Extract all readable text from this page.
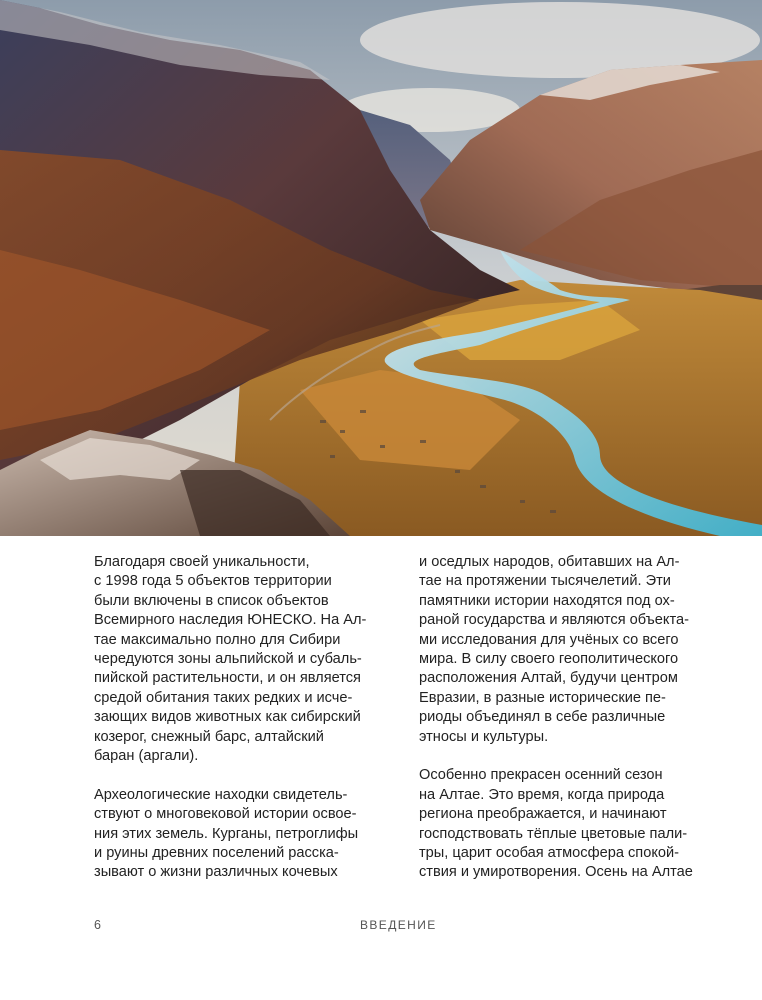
Благодаря своей уникальности,
с 1998 года 5 объектов территории
были включены в список объектов
Всемирного наследия ЮНЕСКО. На Ал-
тае максимально полно для Сибири
чередуются зоны альпийской и субаль-
пийской растительности, и он является
средой обитания таких редких и исче-
зающих видов животных как сибирский
козерог, снежный барс, алтайский
баран (аргали).

Археологические находки свидетель-
ствуют о многовековой истории освое-
ния этих земель. Курганы, петроглифы
и руины древних поселений расска-
зывают о жизни различных кочевых

и оседлых народов, обитавших на Ал-
тае на протяжении тысячелетий. Эти
памятники истории находятся под ох-
раной государства и являются объекта-
ми исследования для учёных со всего
мира. В силу своего геополитического
расположения Алтай, будучи центром
Евразии, в разные исторические пе-
риоды объединял в себе различные
этносы и культуры.

Особенно прекрасен осенний сезон
на Алтае. Это время, когда природа
региона преображается, и начинают
господствовать тёплые цветовые пали-
тры, царит особая атмосфера спокой-
ствия и умиротворения. Осень на Алтае

6	ВВЕДЕНИЕ
